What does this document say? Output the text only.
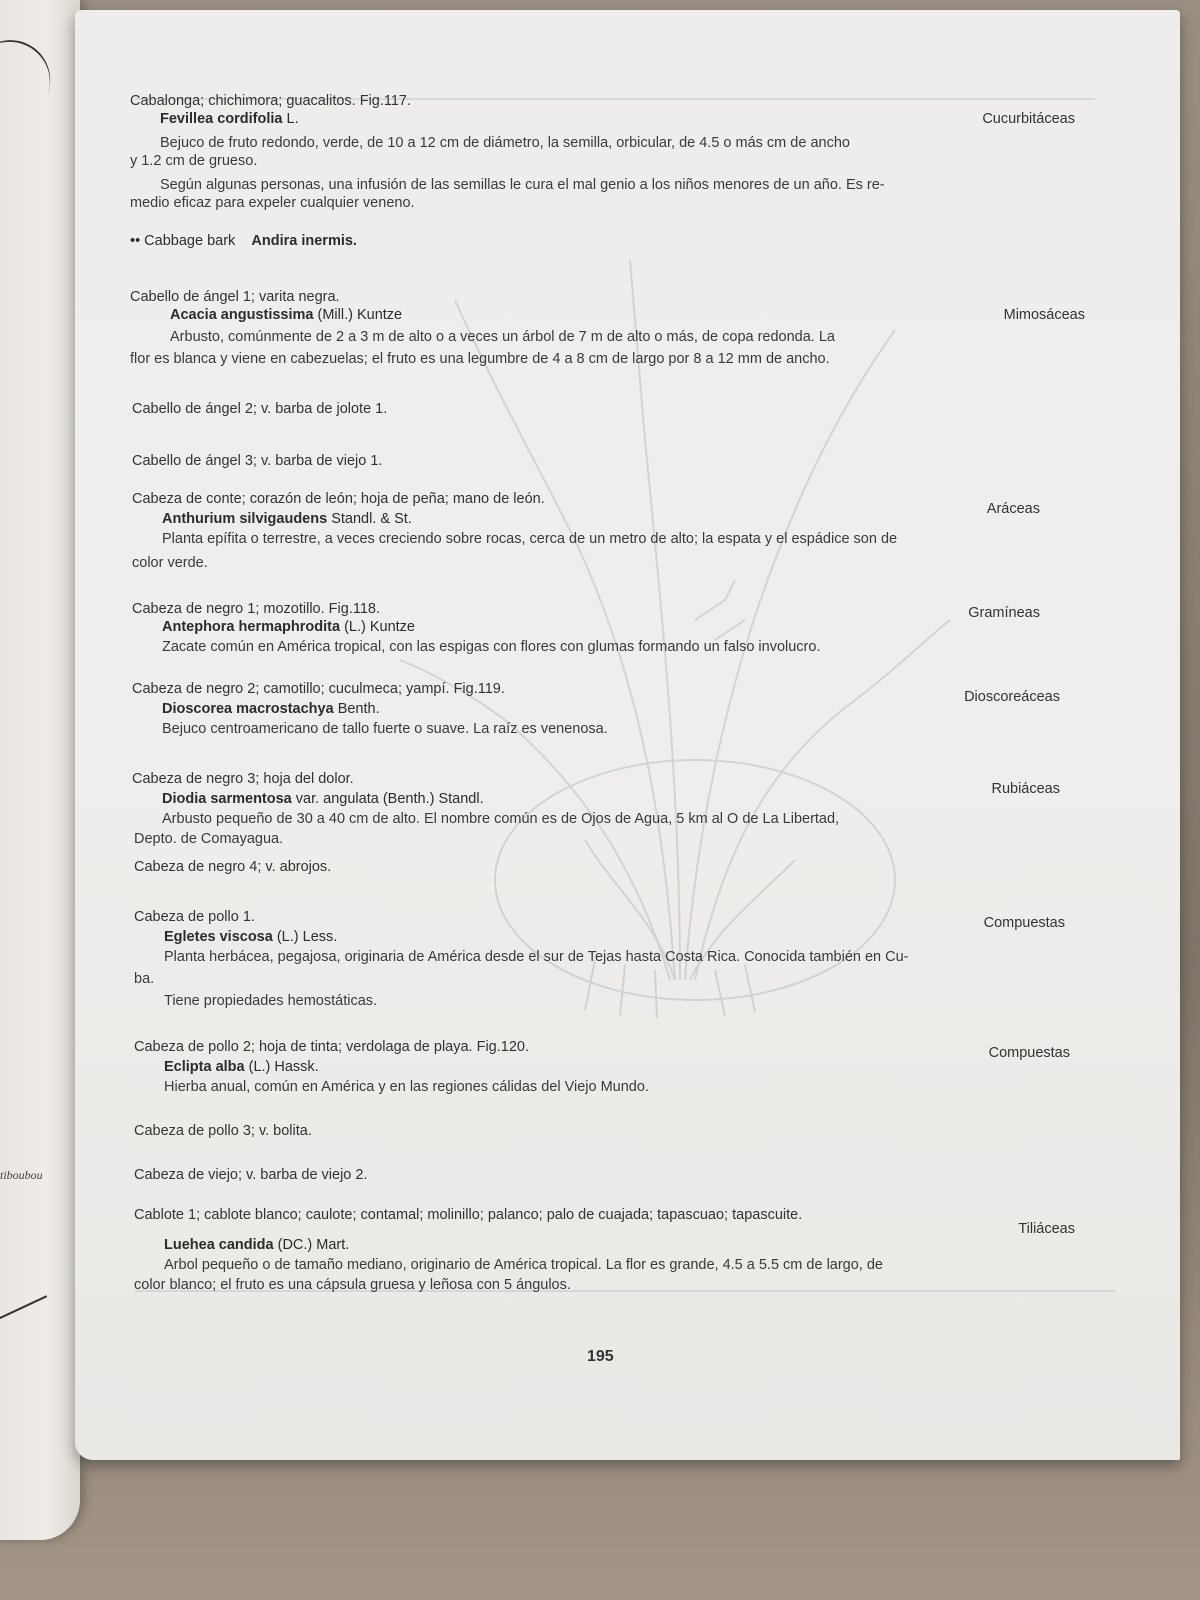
tiboubou
Cabalonga; chichimora; guacalitos. Fig.117.
Fevillea cordifolia L.	Cucurbitáceas
Bejuco de fruto redondo, verde, de 10 a 12 cm de diámetro, la semilla, orbicular, de 4.5 o más cm de ancho
y 1.2 cm de grueso.
Según algunas personas, una infusión de las semillas le cura el mal genio a los niños menores de un año. Es re-
medio eficaz para expeler cualquier veneno.
•• Cabbage bark Andira inermis.
Cabello de ángel 1; varita negra.
Acacia angustissima (Mill.) Kuntze	Mimosáceas
Arbusto, comúnmente de 2 a 3 m de alto o a veces un árbol de 7 m de alto o más, de copa redonda. La
flor es blanca y viene en cabezuelas; el fruto es una legumbre de 4 a 8 cm de largo por 8 a 12 mm de ancho.
Cabello de ángel 2; v. barba de jolote 1.
Cabello de ángel 3; v. barba de viejo 1.
Cabeza de conte; corazón de león; hoja de peña; mano de león.
Anthurium silvigaudens Standl. & St.
Aráceas
Planta epífita o terrestre, a veces creciendo sobre rocas, cerca de un metro de alto; la espata y el espádice son de
color verde.
Cabeza de negro 1; mozotillo. Fig.118.
Antephora hermaphrodita (L.) Kuntze
Gramíneas
Zacate común en América tropical, con las espigas con flores con glumas formando un falso involucro.
Cabeza de negro 2; camotillo; cuculmeca; yampí. Fig.119.
Dioscorea macrostachya Benth.
Dioscoreáceas
Bejuco centroamericano de tallo fuerte o suave. La raíz es venenosa.
Cabeza de negro 3; hoja del dolor.
Diodia sarmentosa var. angulata (Benth.) Standl.
Rubiáceas
Arbusto pequeño de 30 a 40 cm de alto. El nombre común es de Ojos de Agua, 5 km al O de La Libertad,
Depto. de Comayagua.
Cabeza de negro 4; v. abrojos.
Cabeza de pollo 1.
Egletes viscosa (L.) Less.
Compuestas
Planta herbácea, pegajosa, originaria de América desde el sur de Tejas hasta Costa Rica. Conocida también en Cu-
ba.
Tiene propiedades hemostáticas.
Cabeza de pollo 2; hoja de tinta; verdolaga de playa. Fig.120.
Eclipta alba (L.) Hassk.
Compuestas
Hierba anual, común en América y en las regiones cálidas del Viejo Mundo.
Cabeza de pollo 3; v. bolita.
Cabeza de viejo; v. barba de viejo 2.
Cablote 1; cablote blanco; caulote; contamal; molinillo; palanco; palo de cuajada; tapascuao; tapascuite.
Luehea candida (DC.) Mart.
Tiliáceas
Arbol pequeño o de tamaño mediano, originario de América tropical. La flor es grande, 4.5 a 5.5 cm de largo, de
color blanco; el fruto es una cápsula gruesa y leñosa con 5 ángulos.
195
